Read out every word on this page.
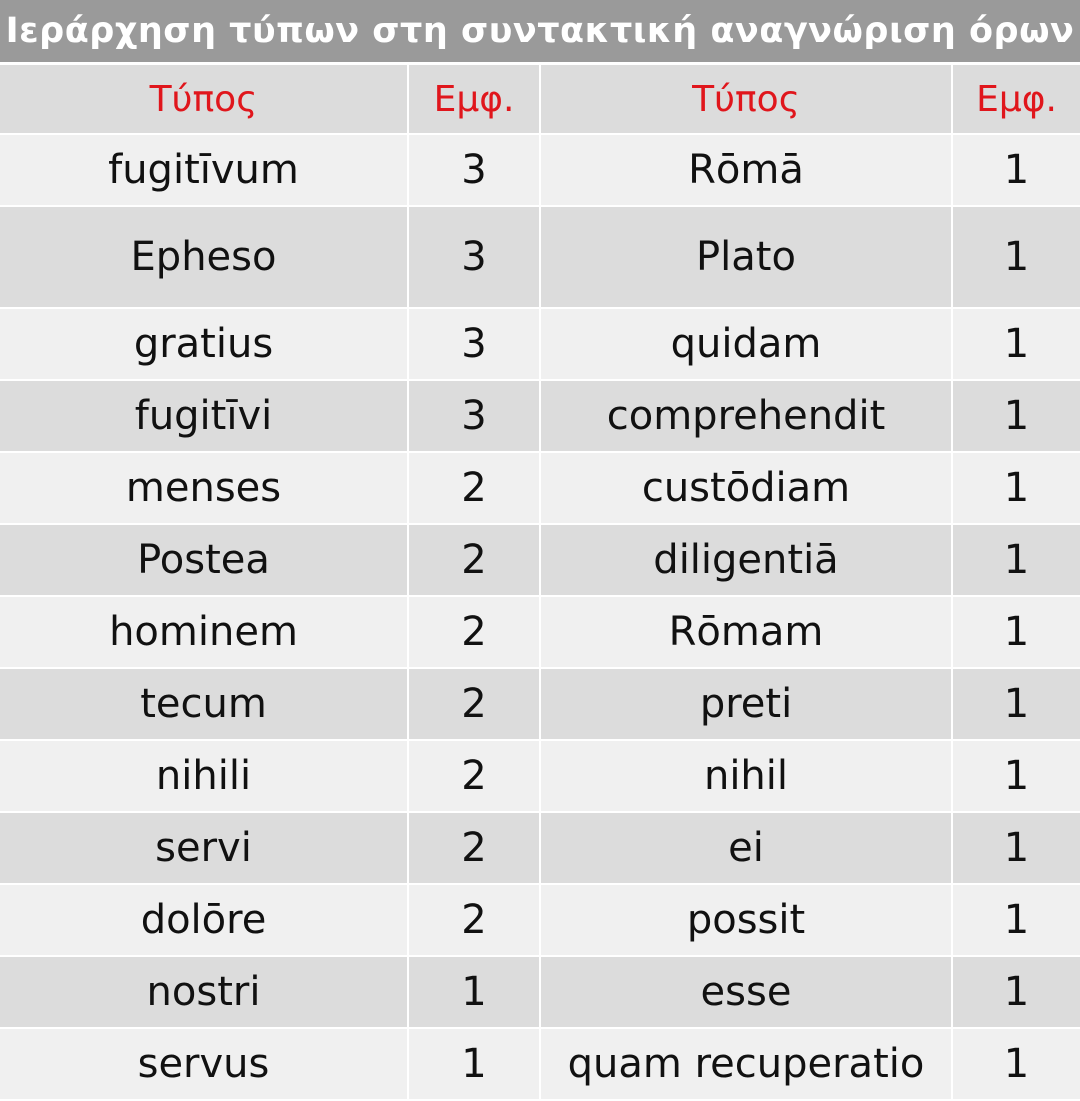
Ιεράρχηση τύπων στη συντακτική αναγνώριση όρων
Τύπος	Εμφ.	Τύπος	Εμφ.
fugitīvum	3	Rōmā	1
Epheso	3	Plato	1
gratius	3	quidam	1
fugitīvi	3	comprehendit	1
menses	2	custōdiam	1
Postea	2	diligentiā	1
hominem	2	Rōmam	1
tecum	2	preti	1
nihili	2	nihil	1
servi	2	ei	1
dolōre	2	possit	1
nostri	1	esse	1
servus	1	quam recuperatio	1
